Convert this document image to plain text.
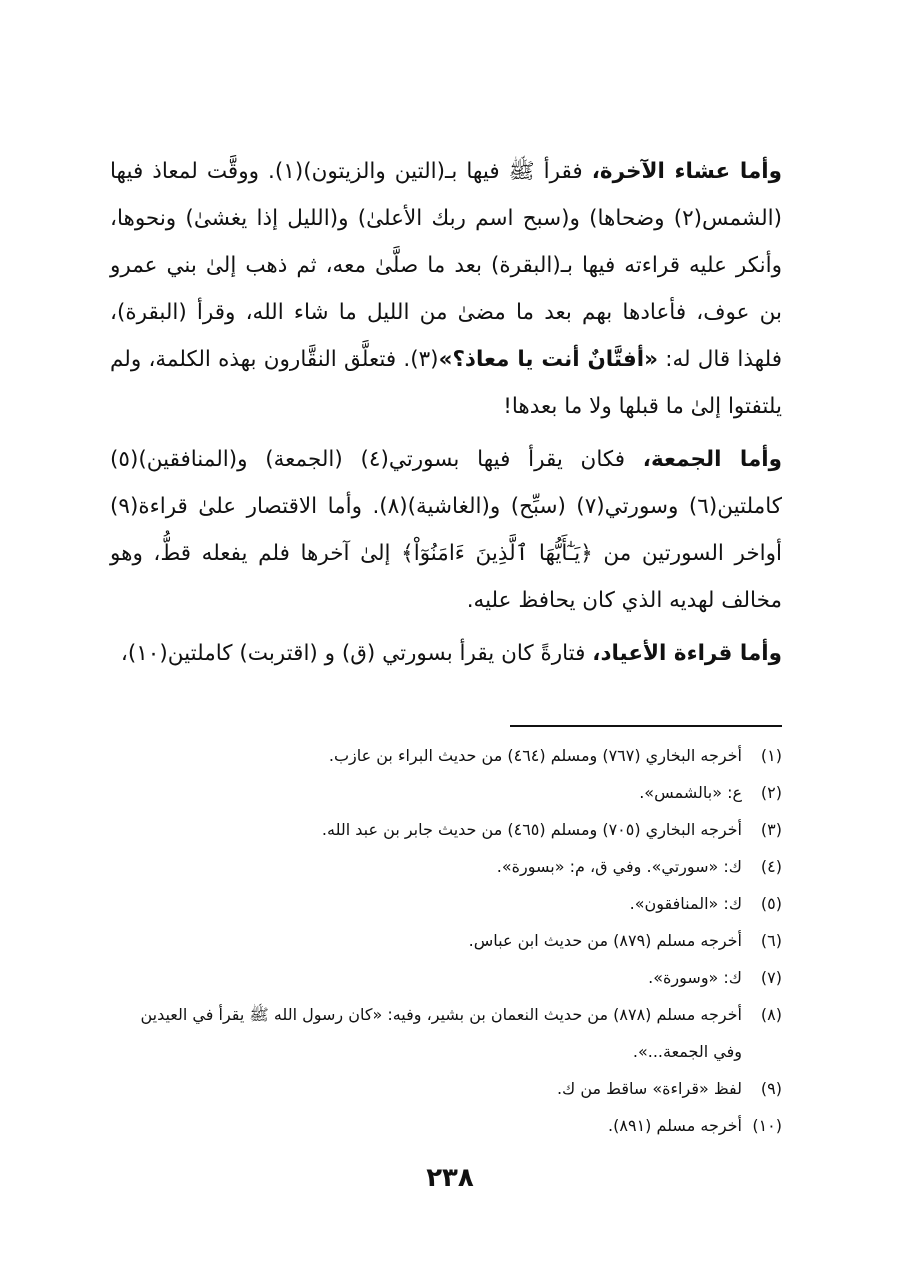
وأما عشاء الآخرة، فقرأ ﷺ فيها بـ(التين والزيتون)(١). ووقَّت لمعاذ فيها (الشمس(٢) وضحاها) و(سبح اسم ربك الأعلىٰ) و(الليل إذا يغشىٰ) ونحوها، وأنكر عليه قراءته فيها بـ(البقرة) بعد ما صلَّىٰ معه، ثم ذهب إلىٰ بني عمرو بن عوف، فأعادها بهم بعد ما مضىٰ من الليل ما شاء الله، وقرأ (البقرة)، فلهذا قال له: «أفتَّانٌ أنت يا معاذ؟»(٣). فتعلَّق النقَّارون بهذه الكلمة، ولم يلتفتوا إلىٰ ما قبلها ولا ما بعدها!

وأما الجمعة، فكان يقرأ فيها بسورتي(٤) (الجمعة) و(المنافقين)(٥) كاملتين(٦) وسورتي(٧) (سبِّح) و(الغاشية)(٨). وأما الاقتصار علىٰ قراءة(٩) أواخر السورتين من ﴿يَـٰٓأَيُّهَا ٱلَّذِينَ ءَامَنُوٓاْ﴾ إلىٰ آخرها فلم يفعله قطُّ، وهو مخالف لهديه الذي كان يحافظ عليه.

وأما قراءة الأعياد، فتارةً كان يقرأ بسورتي (ق) و (اقتربت) كاملتين(١٠)،

(١)
أخرجه البخاري (٧٦٧) ومسلم (٤٦٤) من حديث البراء بن عازب.
(٢)
ع: «بالشمس».
(٣)
أخرجه البخاري (٧٠٥) ومسلم (٤٦٥) من حديث جابر بن عبد الله.
(٤)
ك: «سورتي». وفي ق، م: «بسورة».
(٥)
ك: «المنافقون».
(٦)
أخرجه مسلم (٨٧٩) من حديث ابن عباس.
(٧)
ك: «وسورة».
(٨)
أخرجه مسلم (٨٧٨) من حديث النعمان بن بشير، وفيه: «كان رسول الله ﷺ يقرأ في العيدين وفي الجمعة...».
(٩)
لفظ «قراءة» ساقط من ك.
(١٠)
أخرجه مسلم (٨٩١).
٢٣٨
